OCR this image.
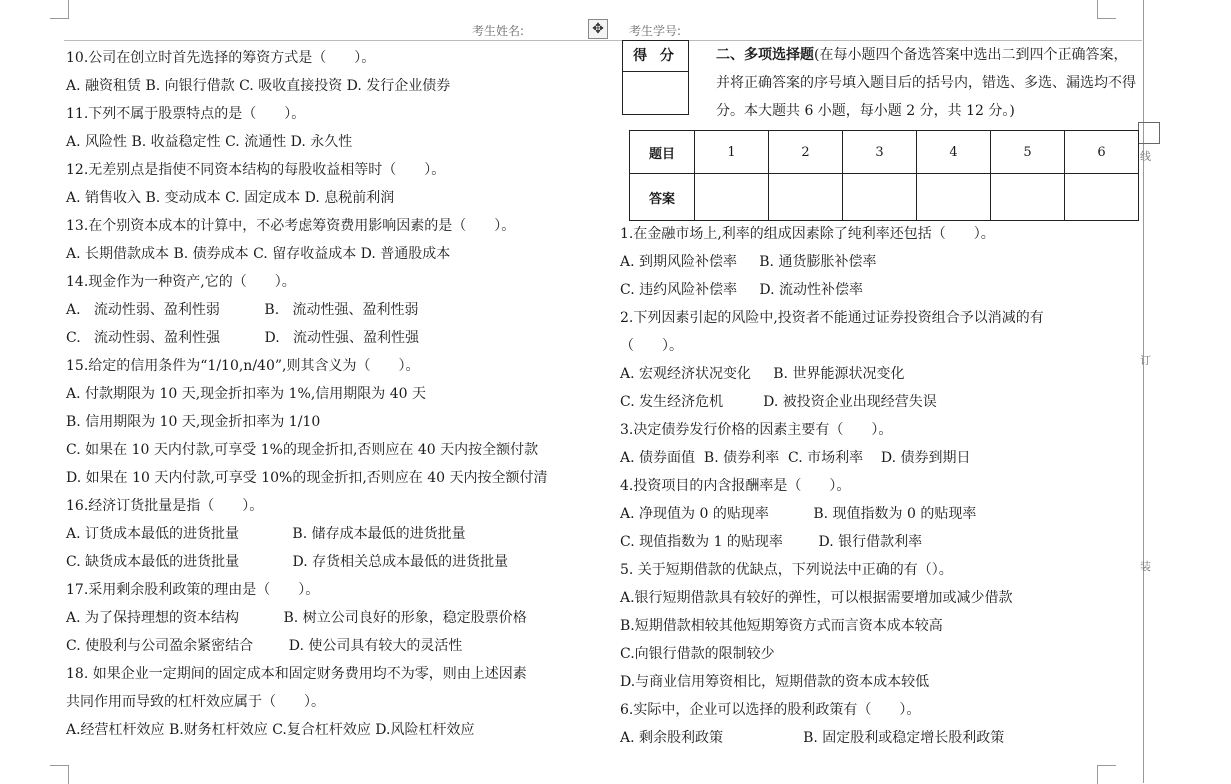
考生姓名:	✥	考生学号:
线
订
装
10.公司在创立时首先选择的筹资方式是（　　）。
A. 融资租赁 B. 向银行借款 C. 吸收直接投资 D. 发行企业债券
11.下列不属于股票特点的是（　　）。
A. 风险性 B. 收益稳定性 C. 流通性 D. 永久性
12.无差别点是指使不同资本结构的每股收益相等时（　　）。
A. 销售收入 B. 变动成本 C. 固定成本 D. 息税前利润
13.在个别资本成本的计算中，不必考虑筹资费用影响因素的是（　　）。
A. 长期借款成本 B. 债券成本 C. 留存收益成本 D. 普通股成本
14.现金作为一种资产,它的（　　）。
A.   流动性弱、盈利性弱          B.   流动性强、盈利性弱
C.   流动性弱、盈利性强          D.   流动性强、盈利性强
15.给定的信用条件为“1/10,n/40”,则其含义为（　　）。
A. 付款期限为 10 天,现金折扣率为 1%,信用期限为 40 天
B. 信用期限为 10 天,现金折扣率为 1/10
C. 如果在 10 天内付款,可享受 1%的现金折扣,否则应在 40 天内按全额付款
D. 如果在 10 天内付款,可享受 10%的现金折扣,否则应在 40 天内按全额付清
16.经济订货批量是指（　　）。
A. 订货成本最低的进货批量            B. 储存成本最低的进货批量
C. 缺货成本最低的进货批量            D. 存货相关总成本最低的进货批量
17.采用剩余股利政策的理由是（　　）。
A. 为了保持理想的资本结构          B. 树立公司良好的形象，稳定股票价格
C. 使股利与公司盈余紧密结合        D. 使公司具有较大的灵活性
18. 如果企业一定期间的固定成本和固定财务费用均不为零，则由上述因素
共同作用而导致的杠杆效应属于（　　）。
A.经营杠杆效应 B.财务杠杆效应 C.复合杠杆效应 D.风险杠杆效应
得 分	二、多项选择题(在每小题四个备选答案中选出二到四个正确答案，并将正确答案的序号填入题目后的括号内，错选、多选、漏选均不得分。本大题共 6 小题，每小题 2 分，共 12 分。)
题目	1	2	3	4	5	6
答案						
1.在金融市场上,利率的组成因素除了纯利率还包括（　　）。
A. 到期风险补偿率     B. 通货膨胀补偿率
C. 违约风险补偿率     D. 流动性补偿率
2.下列因素引起的风险中,投资者不能通过证券投资组合予以消减的有
（　　）。
A. 宏观经济状况变化     B. 世界能源状况变化
C. 发生经济危机         D. 被投资企业出现经营失误
3.决定债券发行价格的因素主要有（　　）。
A. 债券面值  B. 债券利率  C. 市场利率    D. 债券到期日
4.投资项目的内含报酬率是（　　）。
A. 净现值为 0 的贴现率          B. 现值指数为 0 的贴现率
C. 现值指数为 1 的贴现率        D. 银行借款利率
5. 关于短期借款的优缺点，下列说法中正确的有（）。
A.银行短期借款具有较好的弹性，可以根据需要增加或减少借款
B.短期借款相较其他短期筹资方式而言资本成本较高
C.向银行借款的限制较少
D.与商业信用筹资相比，短期借款的资本成本较低
6.实际中，企业可以选择的股利政策有（　　）。
A. 剩余股利政策                  B. 固定股利或稳定增长股利政策
